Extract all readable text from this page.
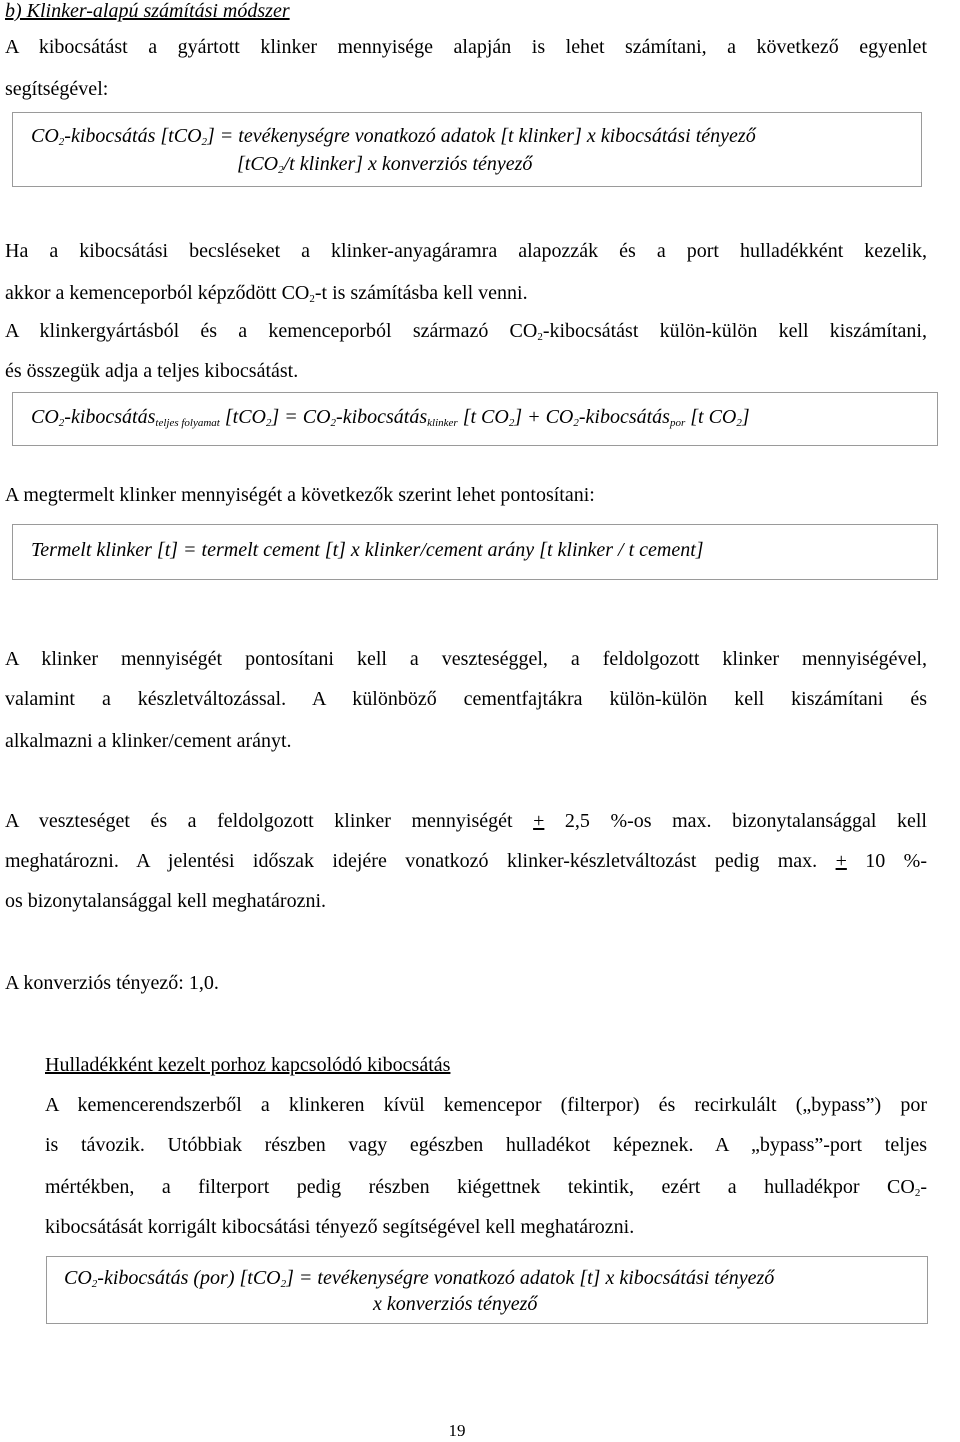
b) Klinker-alapú számítási módszer
A kibocsátást a gyártott klinker mennyisége alapján is lehet számítani, a következő egyenlet
segítségével:
$CO_2$-kibocsátás [tCO$_2$] = tevékenységre vonatkozó adatok [t klinker] x kibocsátási tényező
[tCO$_2$/t klinker] x konverziós tényező
Ha a kibocsátási becsléseket a klinker-anyagáramra alapozzák és a port hulladékként kezelik,
akkor a kemenceporból képződött $CO_2-t$ is számításba kell venni.
A klinkergyártásból és a kemenceporból származó $CO_2$-kibocsátást külön-külön kell kiszámítani,
és összegük adja a teljes kibocsátást.
$CO_2-kibocsátás_{teljes folyamat}$ $[tCO_2] = CO_2-kibocsátás_{klinker}$ [t $CO_2$] + $CO_2-kibocsátás_{por}$ [t $CO_2$]
A megtermelt klinker mennyiségét a következők szerint lehet pontosítani:
Termelt klinker [t] = termelt cement [t] x klinker/cement arány [t klinker / t cement]
A klinker mennyiségét pontosítani kell a veszteséggel, a feldolgozott klinker mennyiségével,
valamint a készletváltozással. A különböző cementfajtákra külön-külön kell kiszámítani és
alkalmazni a klinker/cement arányt.
A veszteséget és a feldolgozott klinker mennyiségét + 2,5 %-os max. bizonytalansággal kell
meghatározni. A jelentési időszak idejére vonatkozó klinker-készletváltozást pedig max. + 10 %-
os bizonytalansággal kell meghatározni.
A konverziós tényező: 1,0.
Hulladékként kezelt porhoz kapcsolódó kibocsátás
A kemencerendszerből a klinkeren kívül kemencepor (filterpor) és recirkulált („bypass”) por
is távozik. Utóbbiak részben vagy egészben hulladékot képeznek. A „bypass”-port teljes
mértékben, a filterport pedig részben kiégettnek tekintik, ezért a hulladékpor $CO_2-$
kibocsátását korrigált kibocsátási tényező segítségével kell meghatározni.
$CO_2$-kibocsátás (por) [tCO$_2$] = tevékenységre vonatkozó adatok [t] x kibocsátási tényező
x konverziós tényező
19
